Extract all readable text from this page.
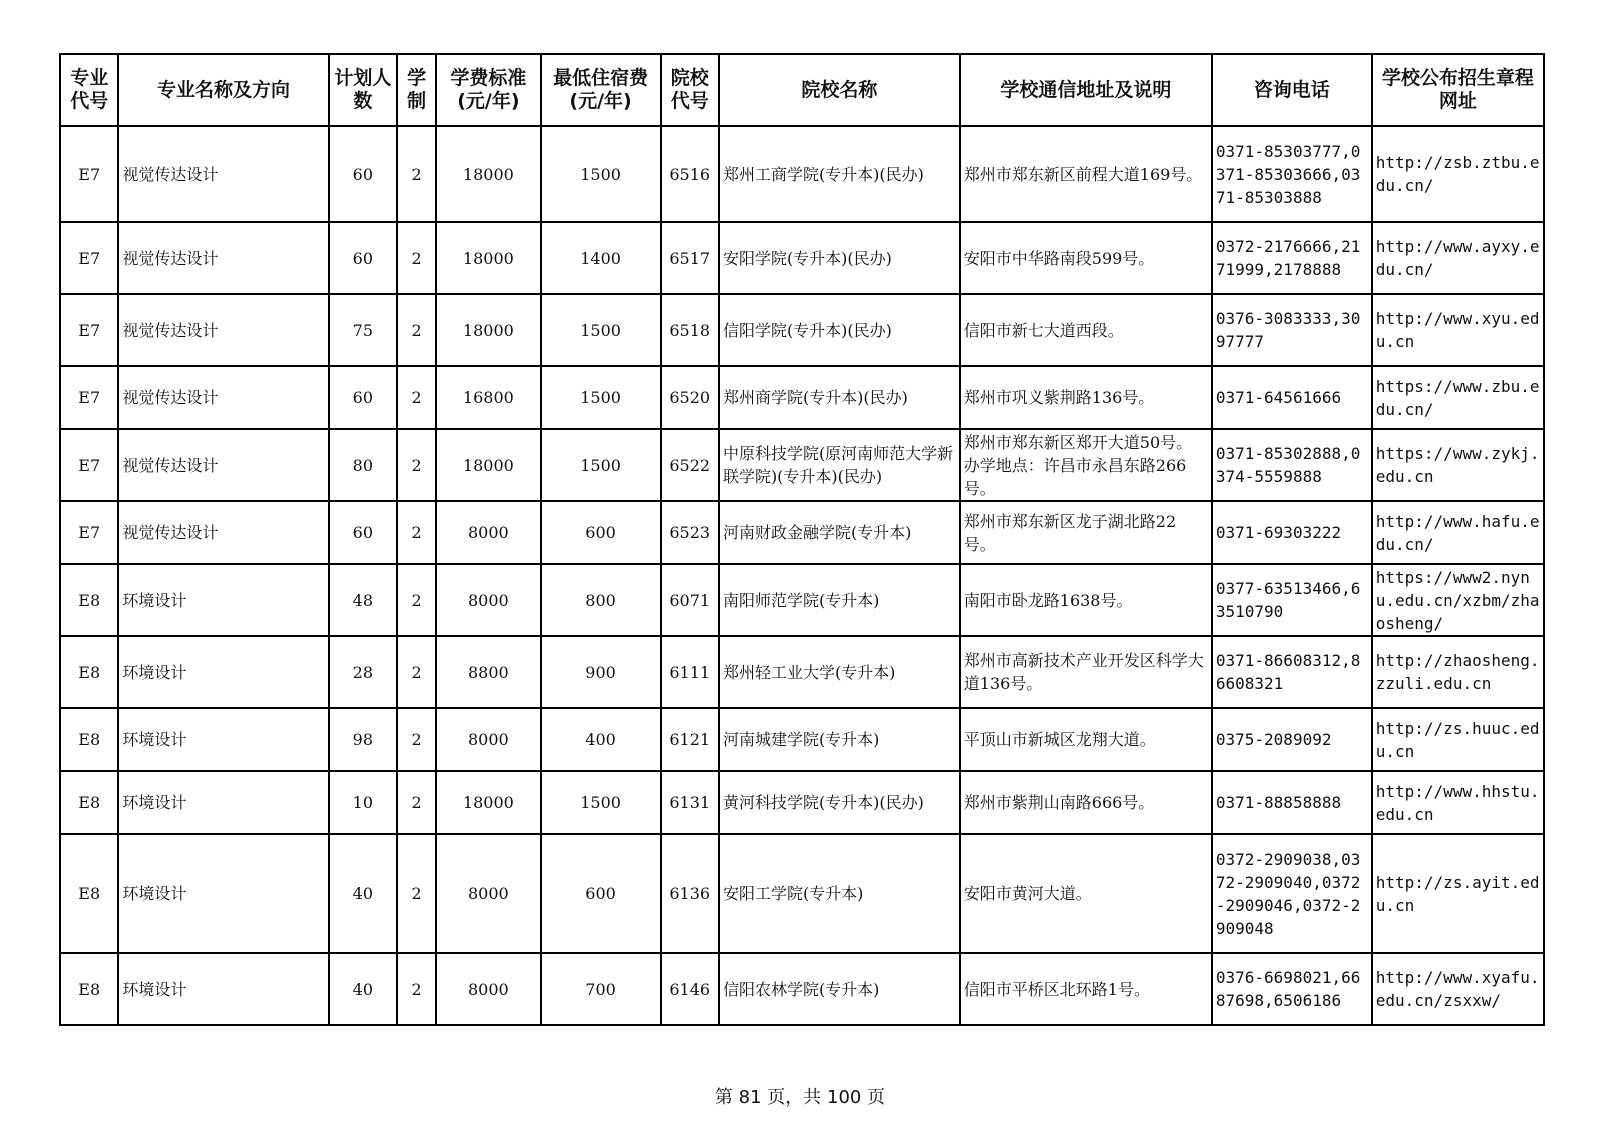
专业代号	专业名称及方向	计划人数	学制	学费标准(元/年)	最低住宿费(元/年)	院校代号	院校名称	学校通信地址及说明	咨询电话	学校公布招生章程网址
E7	视觉传达设计	60	2	18000	1500	6516	郑州工商学院(专升本)(民办)	郑州市郑东新区前程大道169号。	0371-85303777,0371-85303666,0371-85303888	http://zsb.ztbu.edu.cn/
E7	视觉传达设计	60	2	18000	1400	6517	安阳学院(专升本)(民办)	安阳市中华路南段599号。	0372-2176666,2171999,2178888	http://www.ayxy.edu.cn/
E7	视觉传达设计	75	2	18000	1500	6518	信阳学院(专升本)(民办)	信阳市新七大道西段。	0376-3083333,3097777	http://www.xyu.edu.cn
E7	视觉传达设计	60	2	16800	1500	6520	郑州商学院(专升本)(民办)	郑州市巩义紫荆路136号。	0371-64561666	https://www.zbu.edu.cn/
E7	视觉传达设计	80	2	18000	1500	6522	中原科技学院(原河南师范大学新联学院)(专升本)(民办)	郑州市郑东新区郑开大道50号。办学地点：许昌市永昌东路266号。	0371-85302888,0374-5559888	https://www.zykj.edu.cn
E7	视觉传达设计	60	2	8000	600	6523	河南财政金融学院(专升本)	郑州市郑东新区龙子湖北路22号。	0371-69303222	http://www.hafu.edu.cn/
E8	环境设计	48	2	8000	800	6071	南阳师范学院(专升本)	南阳市卧龙路1638号。	0377-63513466,63510790	https://www2.nynu.edu.cn/xzbm/zhaosheng/
E8	环境设计	28	2	8800	900	6111	郑州轻工业大学(专升本)	郑州市高新技术产业开发区科学大道136号。	0371-86608312,86608321	http://zhaosheng.zzuli.edu.cn
E8	环境设计	98	2	8000	400	6121	河南城建学院(专升本)	平顶山市新城区龙翔大道。	0375-2089092	http://zs.huuc.edu.cn
E8	环境设计	10	2	18000	1500	6131	黄河科技学院(专升本)(民办)	郑州市紫荆山南路666号。	0371-88858888	http://www.hhstu.edu.cn
E8	环境设计	40	2	8000	600	6136	安阳工学院(专升本)	安阳市黄河大道。	0372-2909038,0372-2909040,0372-2909046,0372-2909048	http://zs.ayit.edu.cn
E8	环境设计	40	2	8000	700	6146	信阳农林学院(专升本)	信阳市平桥区北环路1号。	0376-6698021,6687698,6506186	http://www.xyafu.edu.cn/zsxxw/
第 81 页，共 100 页
